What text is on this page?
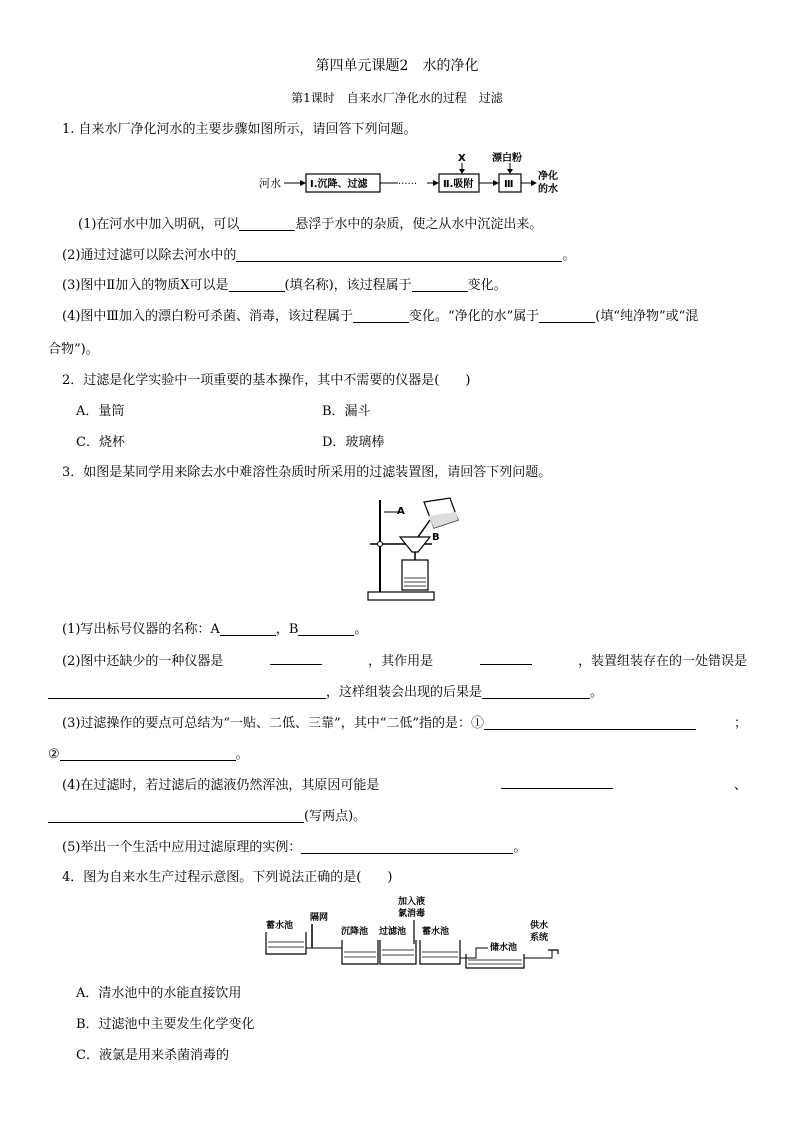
第四单元课题2　水的净化
第1课时　自来水厂净化水的过程　过滤
1. 自来水厂净化河水的主要步骤如图所示，请回答下列问题。
河水	Ⅰ.沉降、过滤	······	Ⅱ.吸附	Ⅲ
X	漂白粉
净化
的水
(1)在河水中加入明矾，可以	悬浮于水中的杂质，使之从水中沉淀出来。
(2)通过过滤可以除去河水中的	。
(3)图中Ⅱ加入的物质X可以是	(填名称)，该过程属于	变化。
(4)图中Ⅲ加入的漂白粉可杀菌、消毒，该过程属于	变化。“净化的水”属于	(填“纯净物”或“混
合物”)。
2．过滤是化学实验中一项重要的基本操作，其中不需要的仪器是(　　)
A．量筒	B．漏斗
C．烧杯	D．玻璃棒
3．如图是某同学用来除去水中难溶性杂质时所采用的过滤装置图，请回答下列问题。
A
B
(1)写出标号仪器的名称：A	，B	。
(2)图中还缺少的一种仪器是	，其作用是	，装置组装存在的一处错误是
，这样组装会出现的后果是	。
(3)过滤操作的要点可总结为“一贴、二低、三靠”，其中“二低”指的是：①	；
②	。
(4)在过滤时，若过滤后的滤液仍然浑浊，其原因可能是	、
(写两点)。
(5)举出一个生活中应用过滤原理的实例：	。
4．图为自来水生产过程示意图。下列说法正确的是(　　)
蓄水池
隔网
沉降池 过滤池
加入液
氯消毒
蓄水池
储水池
供水
系统
A．清水池中的水能直接饮用
B．过滤池中主要发生化学变化
C．液氯是用来杀菌消毒的
